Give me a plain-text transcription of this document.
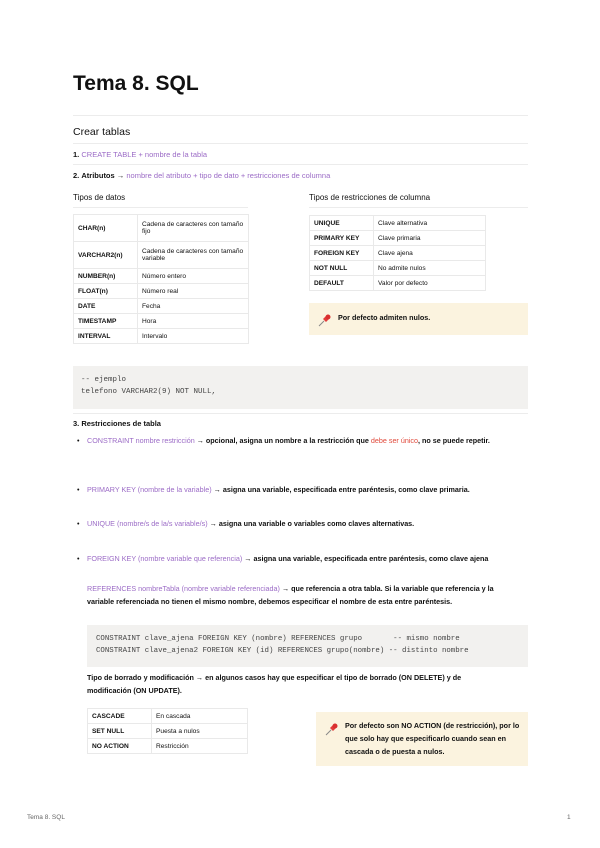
Tema 8. SQL
Crear tablas
1. CREATE TABLE + nombre de la tabla
2. Atributos → nombre del atributo + tipo de dato + restricciones de columna
Tipos de datos
CHAR(n)	Cadena de caracteres con tamaño fijo
VARCHAR2(n)	Cadena de caracteres con tamaño variable
NUMBER(n)	Número entero
FLOAT(n)	Número real
DATE	Fecha
TIMESTAMP	Hora
INTERVAL	Intervalo
Tipos de restricciones de columna
UNIQUE	Clave alternativa
PRIMARY KEY	Clave primaria
FOREIGN KEY	Clave ajena
NOT NULL	No admite nulos
DEFAULT	Valor por defecto
Por defecto admiten nulos.
-- ejemplo
telefono VARCHAR2(9) NOT NULL,
3. Restricciones de tabla
• CONSTRAINT nombre restricción → opcional, asigna un nombre a la restricción que debe ser único, no se puede repetir.
• PRIMARY KEY (nombre de la variable) → asigna una variable, especificada entre paréntesis, como clave primaria.
• UNIQUE (nombre/s de la/s variable/s) → asigna una variable o variables como claves alternativas.
• FOREIGN KEY (nombre variable que referencia) → asigna una variable, especificada entre paréntesis, como clave ajena
REFERENCES nombreTabla (nombre variable referenciada) → que referencia a otra tabla. Si la variable que referencia y la variable referenciada no tienen el mismo nombre, debemos especificar el nombre de esta entre paréntesis.
CONSTRAINT clave_ajena FOREIGN KEY (nombre) REFERENCES grupo       -- mismo nombre
CONSTRAINT clave_ajena2 FOREIGN KEY (id) REFERENCES grupo(nombre) -- distinto nombre
Tipo de borrado y modificación → en algunos casos hay que especificar el tipo de borrado (ON DELETE) y de modificación (ON UPDATE).
CASCADE	En cascada
SET NULL	Puesta a nulos
NO ACTION	Restricción
Por defecto son NO ACTION (de restricción), por lo que solo hay que especificarlo cuando sean en cascada o de puesta a nulos.
Tema 8. SQL	1
